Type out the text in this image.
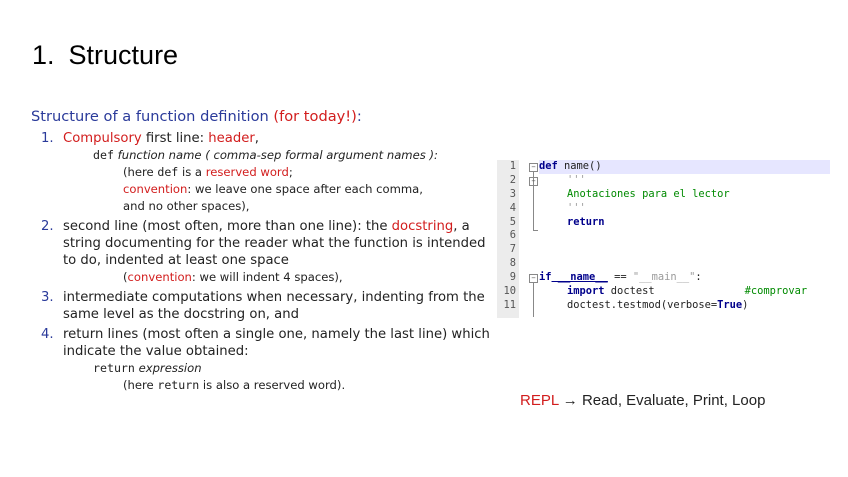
1. Structure
Structure of a function definition (for today!):
1. Compulsory first line: header,
def function name ( comma-sep formal argument names ):
(here def is a reserved word;
convention: we leave one space after each comma,
and no other spaces),
2. second line (most often, more than one line): the docstring, a string documenting for the reader what the function is intended to do, indented at least one space
(convention: we will indent 4 spaces),
3. intermediate computations when necessary, indenting from the same level as the docstring on, and
4. return lines (most often a single one, namely the last line) which indicate the value obtained:
return expression
(here return is also a reserved word).
1
2
3
4
5
6
7
8
9
10
11
−
−
−
def name()
'''
Anotaciones para el lector
'''
return
if __name__ == "__main__":
import doctest	#comprovar
doctest.testmod(verbose=True)
REPL → Read, Evaluate, Print, Loop
